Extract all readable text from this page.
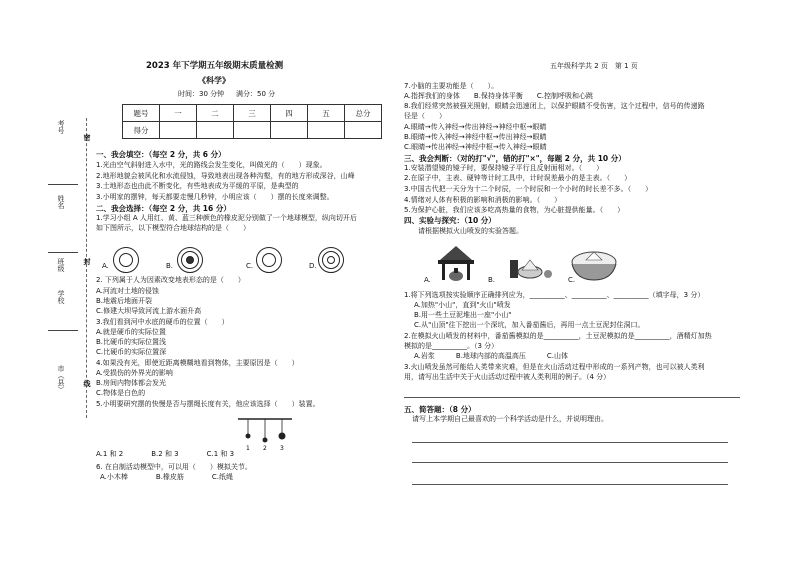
2023 年下学期五年级期末质量检测
《科学》
时间：30 分钟 满分：50 分
五年级科学共 2 页　第 1 页
题号	一	二	三	四	五	总分
得分						
考号
姓名
班级
学校
市（县）
密
封
线
一、我会填空：（每空 2 分，共 6 分）
1.光由空气斜射进入水中，光的路线会发生变化，叫做光的（　　）现象。
2.地形地貌会被风化和水流侵蚀，导致地表出现各种沟壑，有的地方形成深谷，山峰
3.土地形态也由此不断变化，有些地表成为平缓的平原，是典型的
3.小明家的摆钟，每天都要走慢几秒钟，小明应该（　　）摆的长度来调整。
二、我会选择：（每空 2 分，共 16 分）
1.学习小组 A 人用红、黄、蓝三种颜色的橡皮泥分别做了一个地球模型，纵向切开后
如下图所示，以下模型符合地球结构的是（　　）
A.	B.	C.	D.
2. 下列属于人为因素改变地表形态的是（　　）
A.河流对土地的侵蚀
B.地震后地面开裂
C.修建大坝导致河流上游水面升高
3.我们看到河中水底的硬币的位置（　　）
A.就是硬币的实际位置
B.比硬币的实际位置浅
C.比硬币的实际位置深
4.如果没有光，即使近距离模糊地看到物体，主要原因是（　　）
A.受损伤的外界光的影响
B.房间内物体都会发光
C.物体是白色的
5.小明要研究摆的快慢是否与摆绳长度有关，他应该选择（　　）装置。
1 2 3
A.1 和 2　　　　B.2 和 3　　　　C.1 和 3
6. 在自制活动模型中，可以用（　　）模拟关节。
A.小木棒　　　　B.橡皮筋　　　　C.纸绳
7.小脑的主要功能是（　　）。
A.指挥我们的身体　　B.保持身体平衡　　C.控制呼吸和心跳
8.我们经常突然被强光照射，眼睛会迅速闭上，以保护眼睛不受伤害，这个过程中，信号的传递路
径是（　　）
A.眼睛→传入神经→传出神经→神经中枢→眼睛
B.眼睛→传入神经→神经中枢→传出神经→眼睛
C.眼睛→传出神经→神经中枢→传入神经→眼睛
三、我会判断：（对的打"√"，错的打"×"，每题 2 分，共 10 分）
1.安装潜望镜的镜子时，要保持镜子平行且反射面相对。（　　）
2.在原子中，主表、硬钟等计时工具中，计时误差最小的是主表。（　　）
3.中国古代把一天分为十二个时辰，一个时辰和一个小时的时长差不多。（　　）
4.情绪对人体有积极的影响和消极的影响。（　　）
5.为保护心脏，我们应该多吃高热量的食物，为心脏提供能量。（　　）
四、实验与探究：（10 分）
请根据模拟火山喷发的实验答题。
A.	B.	C.
1.将下列选项按实验顺序正确排列应为，__________、__________、__________（填字母，3 分）
A.加热"小山"，直到"火山"喷发
B.用一些土豆泥堆出一座"小山"
C.从"山顶"往下挖出一个深坑，加入番茄酱后，再用一点土豆泥封住洞口。
2.在模拟火山喷发的材料中，番茄酱模拟的是__________，土豆泥模拟的是__________，酒精灯加热
模拟的是__________。（3 分）
A.岩浆　　　B.地球内部的高温高压　　　C.山体
3.火山喷发虽然可能给人类带来灾难，但是在火山活动过程中形成的一系列产物，也可以被人类利
用，请写出生活中关于火山活动过程中被人类利用的例子。（4 分）
五、简答题：（8 分）
请写上本学期自己最喜欢的一个科学活动是什么，并说明理由。
